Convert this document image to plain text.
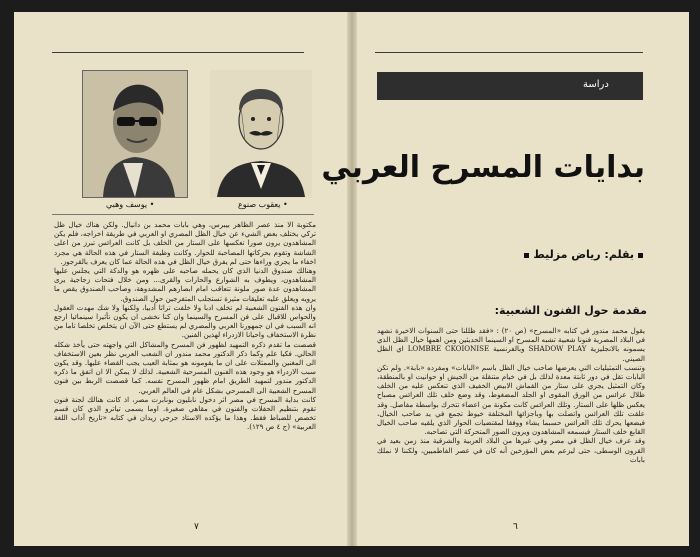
• يوسف وهبي	• يعقوب صنوع

مكتوبة الا منذ عصر الظاهر بيبرس، وهي بابات محمد بن دانيال. ولكن هناك خيال ظل تركي يختلف بعض الشيء عن خيال الظل المصري او العربي في طريقة اخراجه، فلم يكن المشاهدون يرون صورا تعكسها على الستار من الخلف بل كانت العرائس تبرز من اعلى الشاشة وتقوم بحركاتها المصاحبة للحوار. وكانت وظيفة الستار في هذه الحالة هي مجرد اخفاء ما يجري وراءها حتى لم يفرق خيال الظل في هذه الحالة عما كان يعرف بالقرجوز.

وهنالك صندوق الدنيا الذي كان يحمله صاحبه على ظهره هو والدكة التي يجلس عليها المشاهدون، ويطوف به الشوارع والحارات والقرى... ومن خلال فتحات زجاجية يرى المشاهدون عدة صور ملونة تتعاقب امام ابصارهم المشدوهة، وصاحب الصندوق يقص ما يرويه ويعلق عليه تعليقات مثيرة تستجلب المتفرجين حول الصندوق.

وان هذه الفنون الشعبية لم تخلف ادبا ولا خلفت تراثا أدبيا، ولكنها ولا شك مهدت العقول والحواس للاقبال على فن المسرح والسينما وان كنا نخشى ان يكون تأثيرا سينمائيا ارجع انه السبب في ان جمهورنا العربي والمصري لم يستطع حتى الآن ان يتخلص تخلصا تاما من نظرة الاستخفاف واحيانا الازدراء لهذين الفنين.

قصصت ما تقدم ذكره التمهيد لظهور فن المسرح والمشاكل التي واجهته حتى يأخذ شكله الحالي. فكيا علم وكما ذكر الدكتور محمد مندور ان الشعب العربي نظر بعين الاستخفاف الى المغنين والممثلات على ان ما يقومونه هو بمثابة العيب يجب القضاء عليها. وقد يكون سبب الازدراء هو وجود هذه الفنون المسرحية الشعبية. لذلك لا يمكن الا ان اتفق ما ذكره الدكتور مندور لتمهيد الطريق امام ظهور المسرح نفسه. كما قصصت الربط بين فنون المسرح الشعبية الى المسرحي بشكل عام في العالم العربي.

كانت بداية المسرح في مصر اثر دخول نابليون بونابرت مصر، اذ كانت هنالك لجنة فنون تقوم بتنظيم الحفلات والفنون في مقاهي صغيرة. اوما يسمى تياترو الذي كان قسم تخصص للضباط فقط. وهذا ما يؤكده الاستاذ جرجي زيدان في كتابه «تاريخ آداب اللغة العربية» (ج ٤ ص ١٢٩).

٧
دراسة
بدايات المسرح العربي
بقلم: رياض مزليط
مقدمة حول الفنون الشعبية:

يقول محمد مندور في كتابه «المسرح» (ص ٢٠) : «فقد ظللنا حتى السنوات الاخيرة نشهد في البلاد المصرية فنونا شعبية تشبه المسرح او السينما الحديثين ومن اهمها خيال الظل الذي يسمونه بالانجليزية SHADOW PLAY وبالفرنسية LOMBRE CKOIONISE اي الظل الصيني.

وتنسب التمثيليات التي يعرضها صاحب خيال الظل باسم «البابات» ومفرده «بابة». ولم تكن البابات تقل في دور ثابتة معدة لذلك بل في خيام متنقلة من الجيش او حوانيت او بالمنطقة، وكان التمثيل يجري على ستار من القماش الابيض الخفيف الذي تنعكس عليه من الخلف ظلال عرائس من الورق المقوى او الجلد المضغوط، وقد وضع خلف تلك العرائس مصباح يعكس ظلها على الستار. وتلك العرائس كانت مكونة من اعضاء تتحرك بواسطة مفاصل. وقد علقت تلك العرائس واتصلت بها وباجزائها المختلفة خيوط تجمع في يد صاحب الخيال، فيضعها يحرك تلك العرائس حسبما يشاء ووفقا لمقتضيات الحوار الذي يلقيه صاحب الخيال القابع خلف الستار فيسمعه المشاهدون ويرون الصور المتحركة التي تصاحبه.

وقد عرف خيال الظل في مصر وفي غيرها من البلاد العربية والشرقية منذ زمن بعيد في القرون الوسطى، حتى ليزعم بعض المؤرخين أنه كان في عصر الفاطميين، ولكننا لا نملك بابات

٦
